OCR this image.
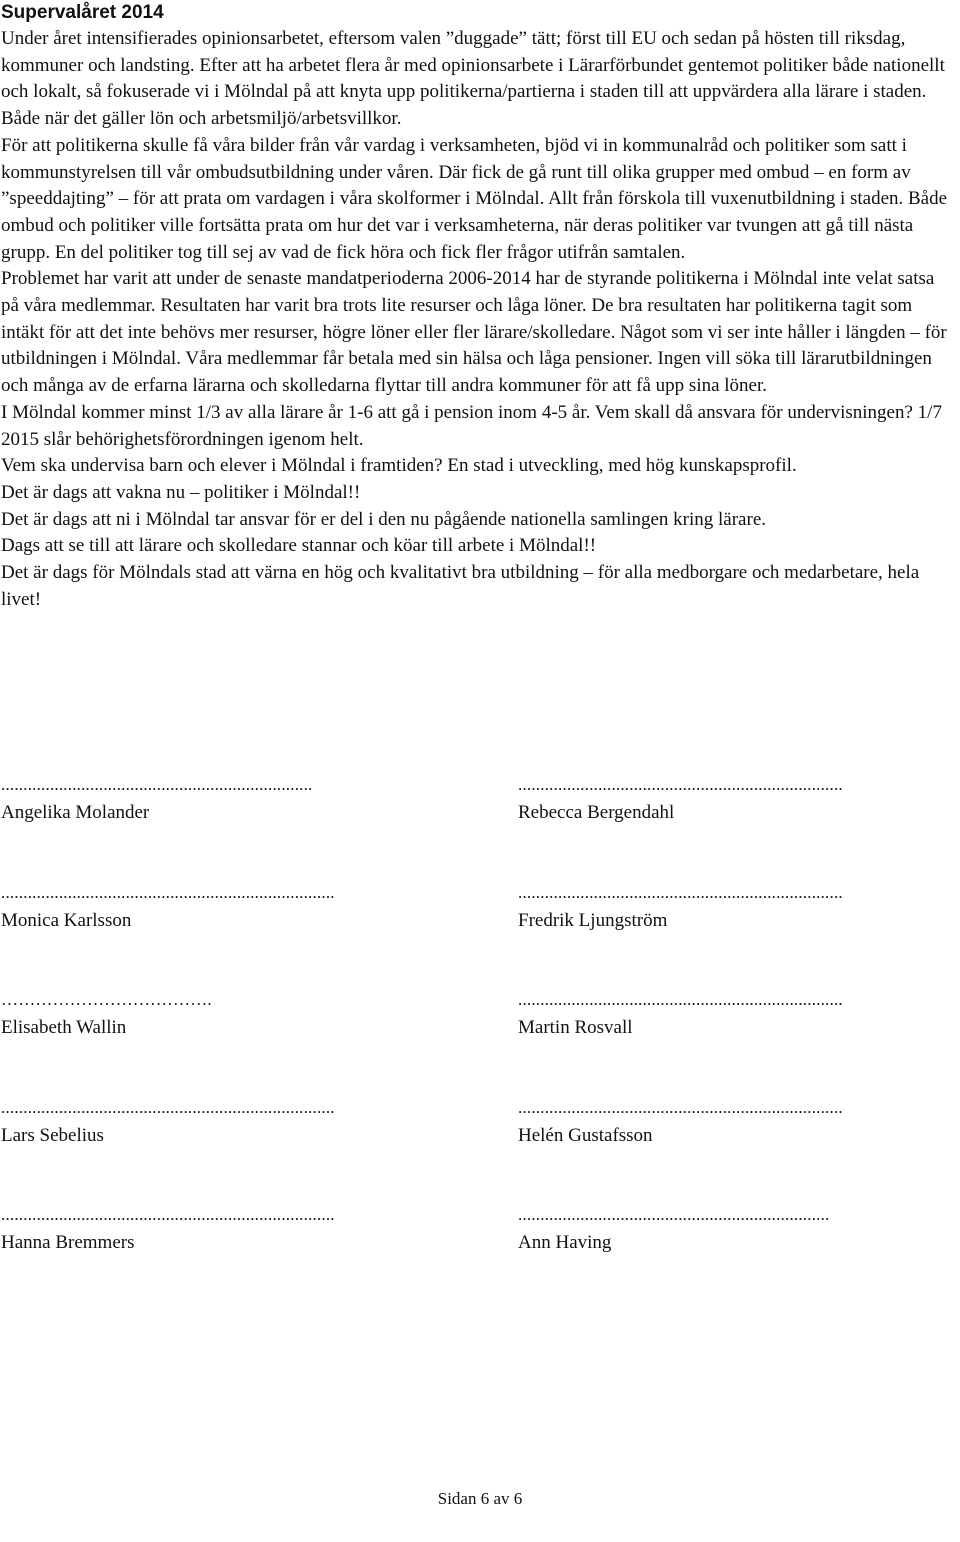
Supervalåret 2014

Under året intensifierades opinionsarbetet, eftersom valen ”duggade” tätt; först till EU och sedan på hösten till riksdag, kommuner och landsting. Efter att ha arbetet flera år med opinionsarbete i Lärarförbundet gentemot politiker både nationellt och lokalt, så fokuserade vi i Mölndal på att knyta upp politikerna/partierna i staden till att uppvärdera alla lärare i staden. Både när det gäller lön och arbetsmiljö/arbetsvillkor.

För att politikerna skulle få våra bilder från vår vardag i verksamheten, bjöd vi in kommunalråd och politiker som satt i kommunstyrelsen till vår ombudsutbildning under våren. Där fick de gå runt till olika grupper med ombud – en form av ”speeddajting” – för att prata om vardagen i våra skolformer i Mölndal. Allt från förskola till vuxenutbildning i staden. Både ombud och politiker ville fortsätta prata om hur det var i verksamheterna, när deras politiker var tvungen att gå till nästa grupp. En del politiker tog till sej av vad de fick höra och fick fler frågor utifrån samtalen.

Problemet har varit att under de senaste mandatperioderna 2006-2014 har de styrande politikerna i Mölndal inte velat satsa på våra medlemmar. Resultaten har varit bra trots lite resurser och låga löner. De bra resultaten har politikerna tagit som intäkt för att det inte behövs mer resurser, högre löner eller fler lärare/skolledare. Något som vi ser inte håller i längden – för utbildningen i Mölndal. Våra medlemmar får betala med sin hälsa och låga pensioner. Ingen vill söka till lärarutbildningen och många av de erfarna lärarna och skolledarna flyttar till andra kommuner för att få upp sina löner.

I Mölndal kommer minst 1/3 av alla lärare år 1-6 att gå i pension inom 4-5 år. Vem skall då ansvara för undervisningen? 1/7 2015 slår behörighetsförordningen igenom helt.

Vem ska undervisa barn och elever i Mölndal i framtiden? En stad i utveckling, med hög kunskapsprofil.

Det är dags att vakna nu – politiker i Mölndal!!

Det är dags att ni i Mölndal tar ansvar för er del i den nu pågående nationella samlingen kring lärare.

Dags att se till att lärare och skolledare stannar och köar till arbete i Mölndal!!

Det är dags för Mölndals stad att värna en hög och kvalitativt bra utbildning – för alla medborgare och medarbetare, hela livet!

......................................................................
Angelika Molander
.........................................................................
Rebecca Bergendahl
...........................................................................
Monica Karlsson
.........................................................................
Fredrik Ljungström
……………………………….
Elisabeth Wallin
.........................................................................
Martin Rosvall
...........................................................................
Lars Sebelius
.........................................................................
Helén Gustafsson
...........................................................................
Hanna Bremmers
......................................................................
Ann Having
Sidan 6 av 6
